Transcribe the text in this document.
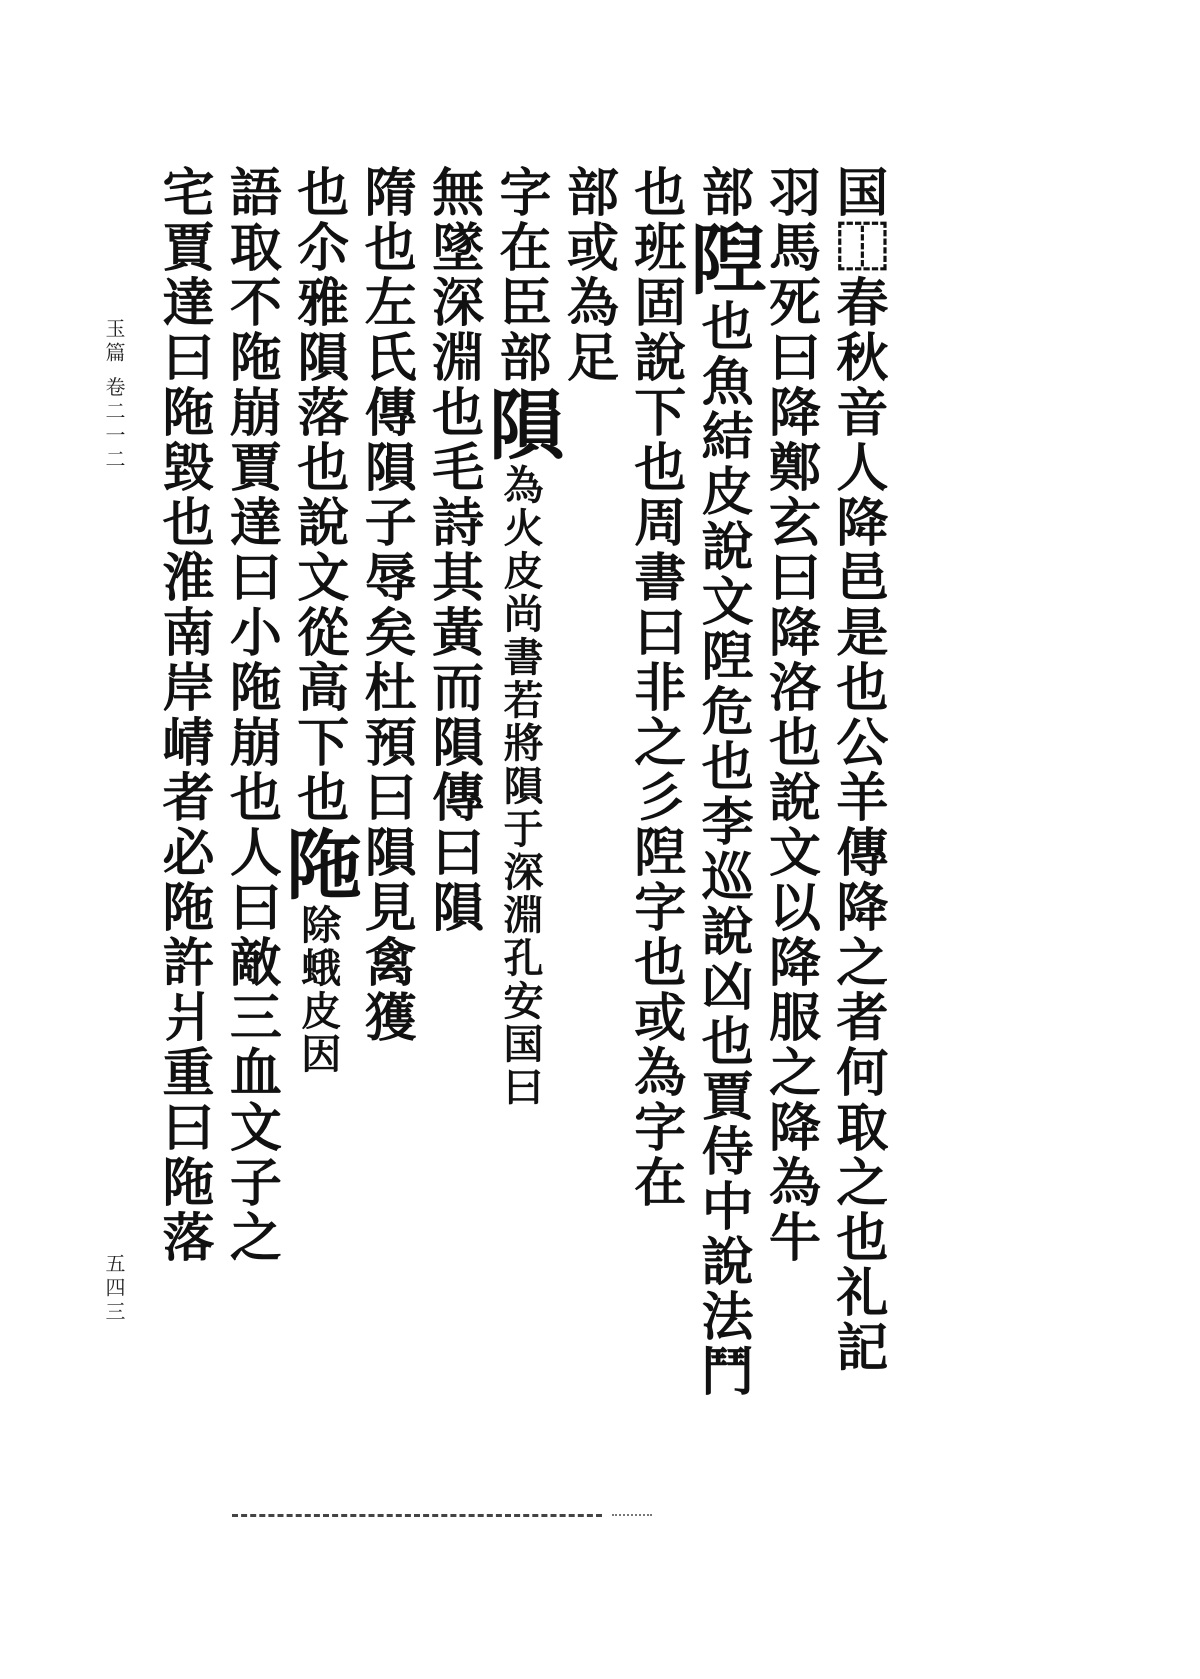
玉篇 卷二一二
五四三	国⿰春秋⾳⼈降⾢是也公⽺傳降之者何取之也礼記
⽻⾺死⽈降鄭⽞⽈降洛也說⽂以降服之降為⽜
部隉也⿂結⽪說⽂隉危也李巡說凶也賈侍中說法⾾
也班固說下也周書⽈非之⼺隉字也或為字在
部或為⾜
字在⾂部隕為⽕⽪尚書若將隕于深淵孔安国⽈
無墜深淵也⽑詩其⿈⽽隕傳⽈隕
隋也左⽒傳隕⼦辱矣杜預⽈隕⾒禽獲
也尒雅隕落也說⽂從⾼下也陁除蛾⽪因
語取不陁崩賈達⽈⼩陁崩也⼈⽈敵三⾎⽂⼦之
宅賈達⽈陁毀也淮南岸崝者必陁許⽙重⽈陁落
